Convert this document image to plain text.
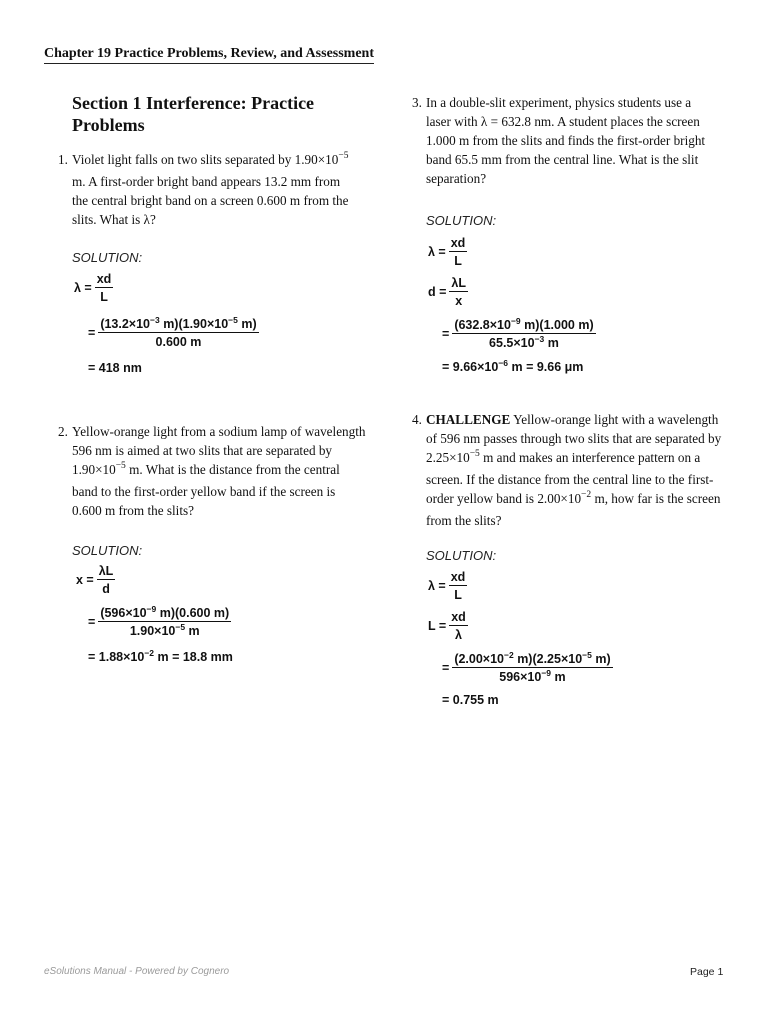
Chapter 19 Practice Problems, Review, and Assessment
Section 1 Interference: Practice Problems
1. Violet light falls on two slits separated by $1.90\times 10^{-5}$ m. A first-order bright band appears 13.2 mm from the central bright band on a screen 0.600 m from the slits. What is λ?
SOLUTION:
$\lambda = \frac{xd}{L}$
= $\frac{(13.2\times 10^{-3} m)(1.90\times 10^{-5} m)}{0.600 m}$
= 418 nm
2. Yellow-orange light from a sodium lamp of wavelength 596 nm is aimed at two slits that are separated by $1.90\times 10^{-5}$ m. What is the distance from the central band to the first-order yellow band if the screen is 0.600 m from the slits?
SOLUTION:
$x = \frac{\lambda L}{d}$
= $\frac{(596\times 10^{-9} m)(0.600 m)}{1.90\times 10^{-5} m}$
= $1.88\times 10^{-2}$ m = 18.8 mm
3. In a double-slit experiment, physics students use a laser with λ = 632.8 nm. A student places the screen 1.000 m from the slits and finds the first-order bright band 65.5 mm from the central line. What is the slit separation?
SOLUTION:
$\lambda = \frac{xd}{L}$
$d = \frac{\lambda L}{x}$
= $\frac{(632.8\times 10^{-9} m)(1.000 m)}{65.5\times 10^{-3} m}$
= $9.66\times 10^{-6}$ m = 9.66 μm
4. CHALLENGE Yellow-orange light with a wavelength of 596 nm passes through two slits that are separated by $2.25\times 10^{-5}$ m and makes an interference pattern on a screen. If the distance from the central line to the first-order yellow band is $2.00\times 10^{-2}$ m, how far is the screen from the slits?
SOLUTION:
$\lambda = \frac{xd}{L}$
$L = \frac{xd}{\lambda}$
= $\frac{(2.00\times 10^{-2} m)(2.25\times 10^{-5} m)}{596\times 10^{-9} m}$
= 0.755 m
eSolutions Manual - Powered by Cognero	Page 1
